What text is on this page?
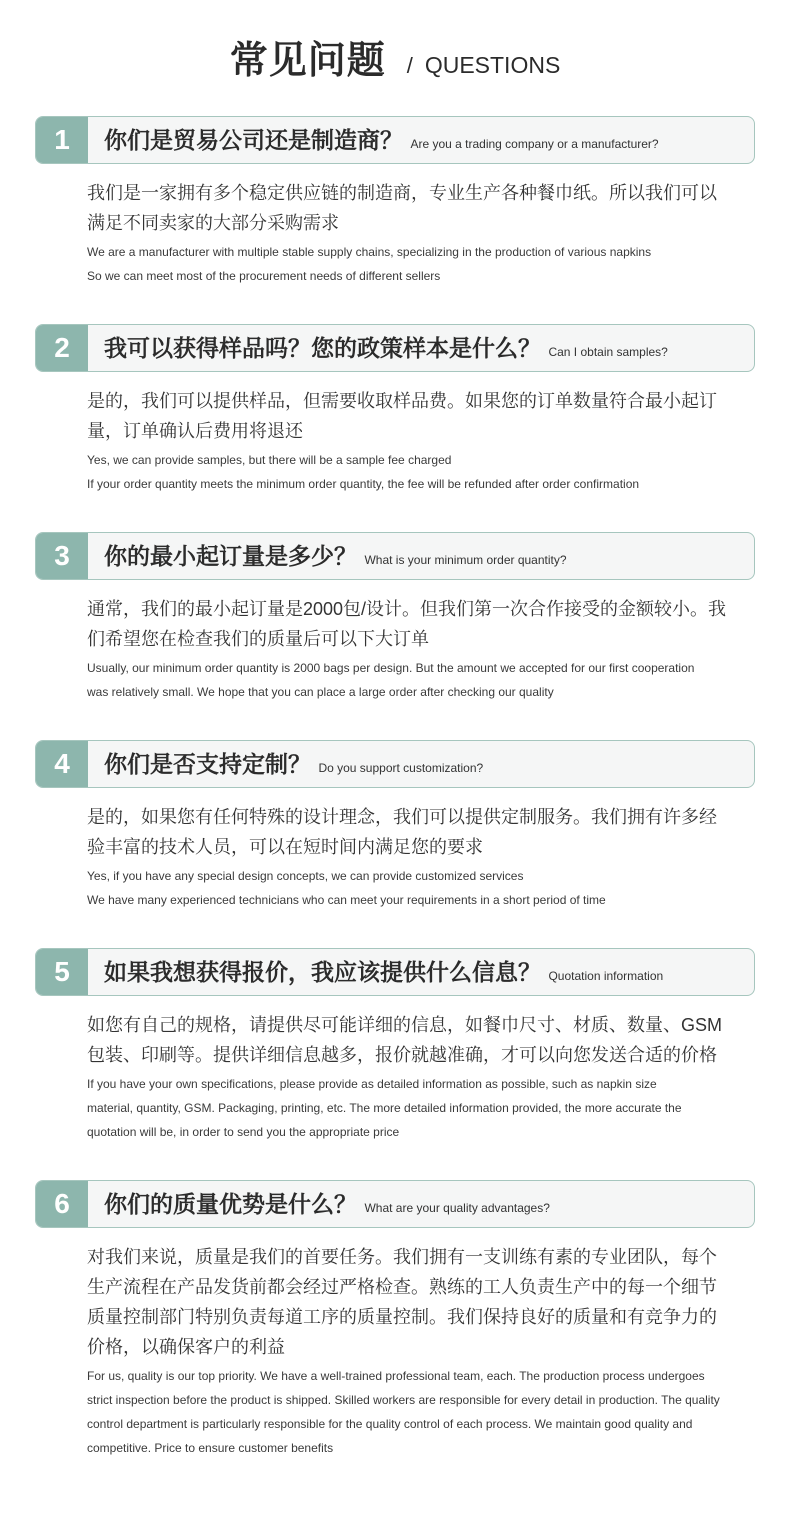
常见问题 / QUESTIONS
1	你们是贸易公司还是制造商？ Are you a trading company or a manufacturer?
我们是一家拥有多个稳定供应链的制造商，专业生产各种餐巾纸。所以我们可以
满足不同卖家的大部分采购需求
We are a manufacturer with multiple stable supply chains, specializing in the production of various napkins
So we can meet most of the procurement needs of different sellers
2	我可以获得样品吗？您的政策样本是什么？ Can I obtain samples?
是的，我们可以提供样品，但需要收取样品费。如果您的订单数量符合最小起订
量，订单确认后费用将退还
Yes, we can provide samples, but there will be a sample fee charged
If your order quantity meets the minimum order quantity, the fee will be refunded after order confirmation
3	你的最小起订量是多少？ What is your minimum order quantity?
通常，我们的最小起订量是2000包/设计。但我们第一次合作接受的金额较小。我
们希望您在检查我们的质量后可以下大订单
Usually, our minimum order quantity is 2000 bags per design. But the amount we accepted for our first cooperation
was relatively small. We hope that you can place a large order after checking our quality
4	你们是否支持定制？ Do you support customization?
是的，如果您有任何特殊的设计理念，我们可以提供定制服务。我们拥有许多经
验丰富的技术人员，可以在短时间内满足您的要求
Yes, if you have any special design concepts, we can provide customized services
We have many experienced technicians who can meet your requirements in a short period of time
5	如果我想获得报价，我应该提供什么信息？ Quotation information
如您有自己的规格，请提供尽可能详细的信息，如餐巾尺寸、材质、数量、GSM
包装、印刷等。提供详细信息越多，报价就越准确，才可以向您发送合适的价格
If you have your own specifications, please provide as detailed information as possible, such as napkin size
material, quantity, GSM. Packaging, printing, etc. The more detailed information provided, the more accurate the
quotation will be, in order to send you the appropriate price
6	你们的质量优势是什么？ What are your quality advantages?
对我们来说，质量是我们的首要任务。我们拥有一支训练有素的专业团队，每个
生产流程在产品发货前都会经过严格检查。熟练的工人负责生产中的每一个细节
质量控制部门特别负责每道工序的质量控制。我们保持良好的质量和有竞争力的
价格，以确保客户的利益
For us, quality is our top priority. We have a well-trained professional team, each. The production process undergoes
strict inspection before the product is shipped. Skilled workers are responsible for every detail in production. The quality
control department is particularly responsible for the quality control of each process. We maintain good quality and
competitive. Price to ensure customer benefits
